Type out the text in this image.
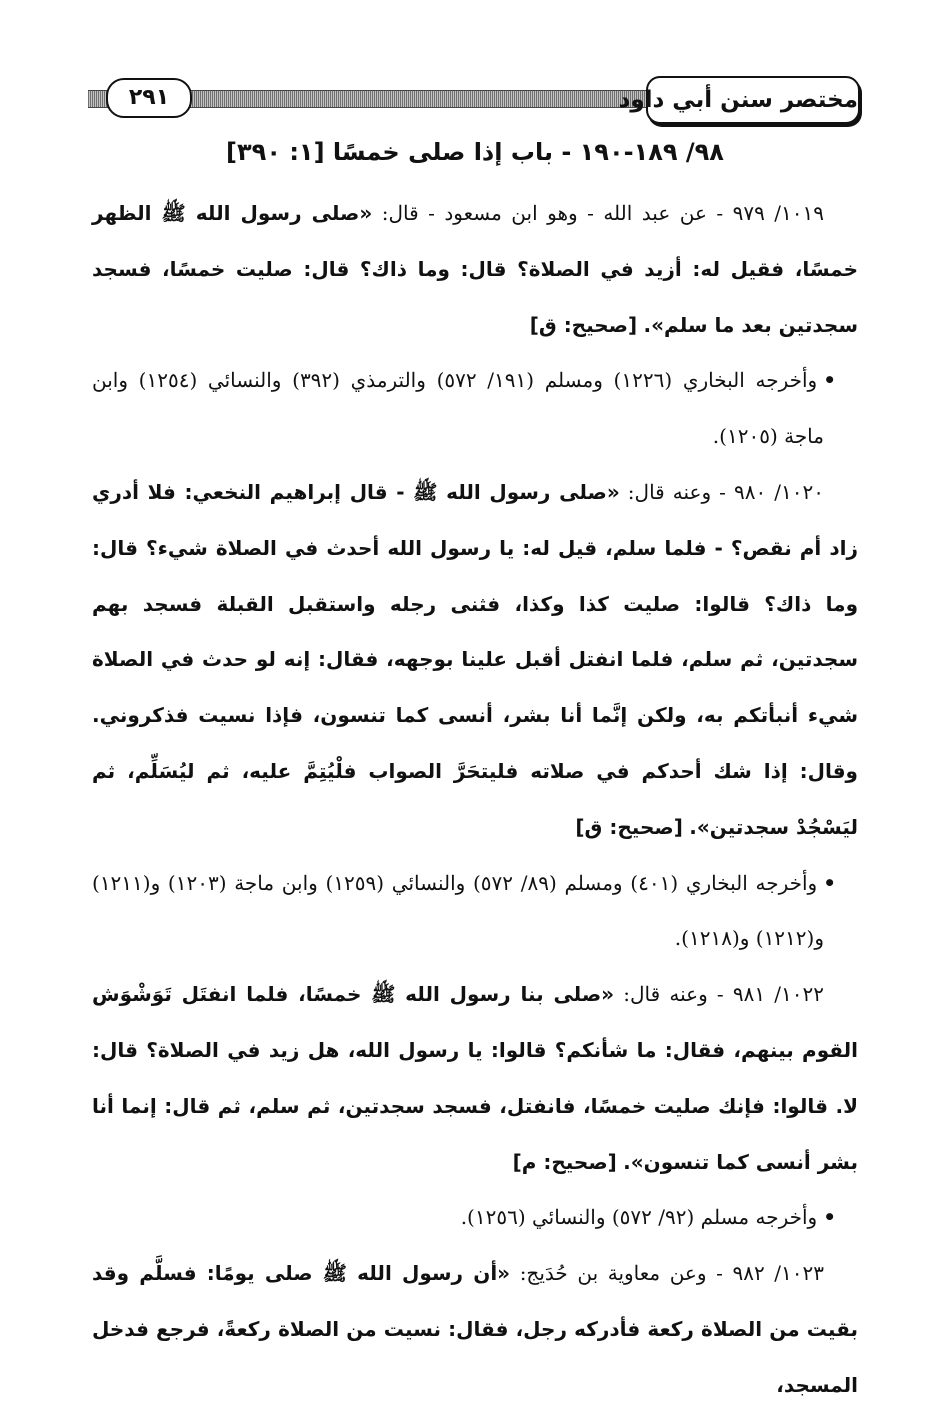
٢٩١	مختصر سنن أبي داود
٩٨/ ١٨٩-١٩٠ - باب إذا صلى خمسًا [١: ٣٩٠]

١٠١٩/ ٩٧٩ - عن عبد الله - وهو ابن مسعود - قال: «صلى رسول الله ﷺ الظهر خمسًا، فقيل له: أزيد في الصلاة؟ قال: وما ذاك؟ قال: صليت خمسًا، فسجد سجدتين بعد ما سلم». [صحيح: ق]

•وأخرجه البخاري (١٢٢٦) ومسلم (١٩١/ ٥٧٢) والترمذي (٣٩٢) والنسائي (١٢٥٤) وابن ماجة (١٢٠٥).

١٠٢٠/ ٩٨٠ - وعنه قال: «صلى رسول الله ﷺ - قال إبراهيم النخعي: فلا أدري زاد أم نقص؟ - فلما سلم، قيل له: يا رسول الله أحدث في الصلاة شيء؟ قال: وما ذاك؟ قالوا: صليت كذا وكذا، فثنى رجله واستقبل القبلة فسجد بهم سجدتين، ثم سلم، فلما انفتل أقبل علينا بوجهه، فقال: إنه لو حدث في الصلاة شيء أنبأتكم به، ولكن إنَّما أنا بشر، أنسى كما تنسون، فإذا نسيت فذكروني. وقال: إذا شك أحدكم في صلاته فليتحَرَّ الصواب فلْيُتِمَّ عليه، ثم ليُسَلِّم، ثم ليَسْجُدْ سجدتين». [صحيح: ق]

•وأخرجه البخاري (٤٠١) ومسلم (٨٩/ ٥٧٢) والنسائي (١٢٥٩) وابن ماجة (١٢٠٣) و(١٢١١) و(١٢١٢) و(١٢١٨).

١٠٢٢/ ٩٨١ - وعنه قال: «صلى بنا رسول الله ﷺ خمسًا، فلما انفتَل تَوَشْوَش القوم بينهم، فقال: ما شأنكم؟ قالوا: يا رسول الله، هل زيد في الصلاة؟ قال: لا. قالوا: فإنك صليت خمسًا، فانفتل، فسجد سجدتين، ثم سلم، ثم قال: إنما أنا بشر أنسى كما تنسون». [صحيح: م]

•وأخرجه مسلم (٩٢/ ٥٧٢) والنسائي (١٢٥٦).

١٠٢٣/ ٩٨٢ - وعن معاوية بن حُدَيج: «أن رسول الله ﷺ صلى يومًا: فسلَّم وقد بقيت من الصلاة ركعة فأدركه رجل، فقال: نسيت من الصلاة ركعةً، فرجع فدخل المسجد،
